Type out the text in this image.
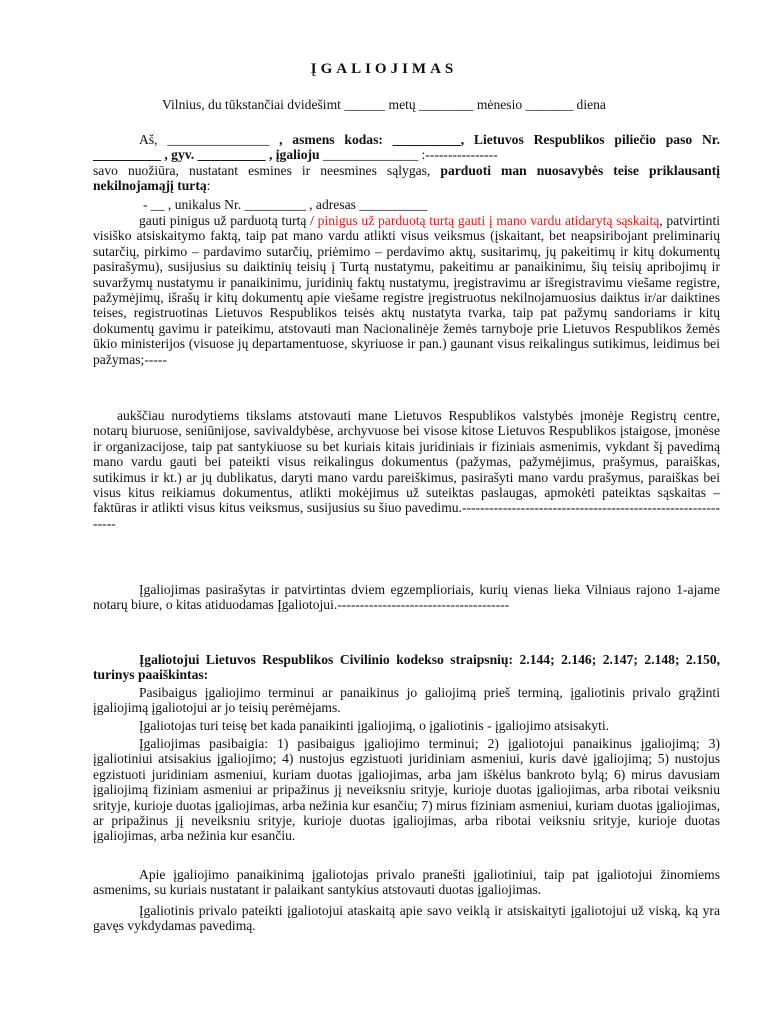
ĮGALIOJIMAS
Vilnius, du tūkstančiai dvidešimt ______ metų ________ mėnesio _______ diena

Aš, _______________ , asmens kodas: __________, Lietuvos Respublikos piliečio paso Nr. __________ , gyv. __________ , įgalioju ______________ :----------------

savo nuožiūra, nustatant esmines ir neesmines sąlygas, parduoti man nuosavybės teise priklausantį nekilnojamąjį turtą:

- __ , unikalus Nr. _________ , adresas __________

gauti pinigus už parduotą turtą / pinigus už parduotą turtą gauti į mano vardu atidarytą sąskaitą, patvirtinti visiško atsiskaitymo faktą, taip pat mano vardu atlikti visus veiksmus (įskaitant, bet neapsiribojant preliminarių sutarčių, pirkimo – pardavimo sutarčių, priėmimo – perdavimo aktų, susitarimų, jų pakeitimų ir kitų dokumentų pasirašymu), susijusius su daiktinių teisių į Turtą nustatymu, pakeitimu ar panaikinimu, šių teisių apribojimų ir suvaržymų nustatymu ir panaikinimu, juridinių faktų nustatymu, įregistravimu ar išregistravimu viešame registre, pažymėjimų, išrašų ir kitų dokumentų apie viešame registre įregistruotus nekilnojamuosius daiktus ir/ar daiktines teises, registruotinas Lietuvos Respublikos teisės aktų nustatyta tvarka, taip pat pažymų sandoriams ir kitų dokumentų gavimu ir pateikimu, atstovauti man Nacionalinėje žemės tarnyboje prie Lietuvos Respublikos žemės ūkio ministerijos (visuose jų departamentuose, skyriuose ir pan.) gaunant visus reikalingus sutikimus, leidimus bei pažymas;-----

aukščiau nurodytiems tikslams atstovauti mane Lietuvos Respublikos valstybės įmonėje Registrų centre, notarų biuruose, seniūnijose, savivaldybėse, archyvuose bei visose kitose Lietuvos Respublikos įstaigose, įmonėse ir organizacijose, taip pat santykiuose su bet kuriais kitais juridiniais ir fiziniais asmenimis, vykdant šį pavedimą mano vardu gauti bei pateikti visus reikalingus dokumentus (pažymas, pažymėjimus, prašymus, paraiškas, sutikimus ir kt.) ar jų dublikatus, daryti mano vardu pareiškimus, pasirašyti mano vardu prašymus, paraiškas bei visus kitus reikiamus dokumentus, atlikti mokėjimus už suteiktas paslaugas, apmokėti pateiktas sąskaitas – faktūras ir atlikti visus kitus veiksmus, susijusius su šiuo pavedimu.--------------------------------------------------------------

Įgaliojimas pasirašytas ir patvirtintas dviem egzemplioriais, kurių vienas lieka Vilniaus rajono 1-ajame notarų biure, o kitas atiduodamas Įgaliotojui.--------------------------------------

Įgaliotojui Lietuvos Respublikos Civilinio kodekso straipsnių: 2.144; 2.146; 2.147; 2.148; 2.150, turinys paaiškintas:

Pasibaigus įgaliojimo terminui ar panaikinus jo galiojimą prieš terminą, įgaliotinis privalo grąžinti įgaliojimą įgaliotojui ar jo teisių perėmėjams.

Įgaliotojas turi teisę bet kada panaikinti įgaliojimą, o įgaliotinis - įgaliojimo atsisakyti.

Įgaliojimas pasibaigia: 1) pasibaigus įgaliojimo terminui; 2) įgaliotojui panaikinus įgaliojimą; 3) įgaliotiniui atsisakius įgaliojimo; 4) nustojus egzistuoti juridiniam asmeniui, kuris davė įgaliojimą; 5) nustojus egzistuoti juridiniam asmeniui, kuriam duotas įgaliojimas, arba jam iškėlus bankroto bylą; 6) mirus davusiam įgaliojimą fiziniam asmeniui ar pripažinus jį neveiksniu srityje, kurioje duotas įgaliojimas, arba ribotai veiksniu srityje, kurioje duotas įgaliojimas, arba nežinia kur esančiu; 7) mirus fiziniam asmeniui, kuriam duotas įgaliojimas, ar pripažinus jį neveiksniu srityje, kurioje duotas įgaliojimas, arba ribotai veiksniu srityje, kurioje duotas įgaliojimas, arba nežinia kur esančiu.

Apie įgaliojimo panaikinimą įgaliotojas privalo pranešti įgaliotiniui, taip pat įgaliotojui žinomiems asmenims, su kuriais nustatant ir palaikant santykius atstovauti duotas įgaliojimas.

Įgaliotinis privalo pateikti įgaliotojui ataskaitą apie savo veiklą ir atsiskaityti įgaliotojui už viską, ką yra gavęs vykdydamas pavedimą.
